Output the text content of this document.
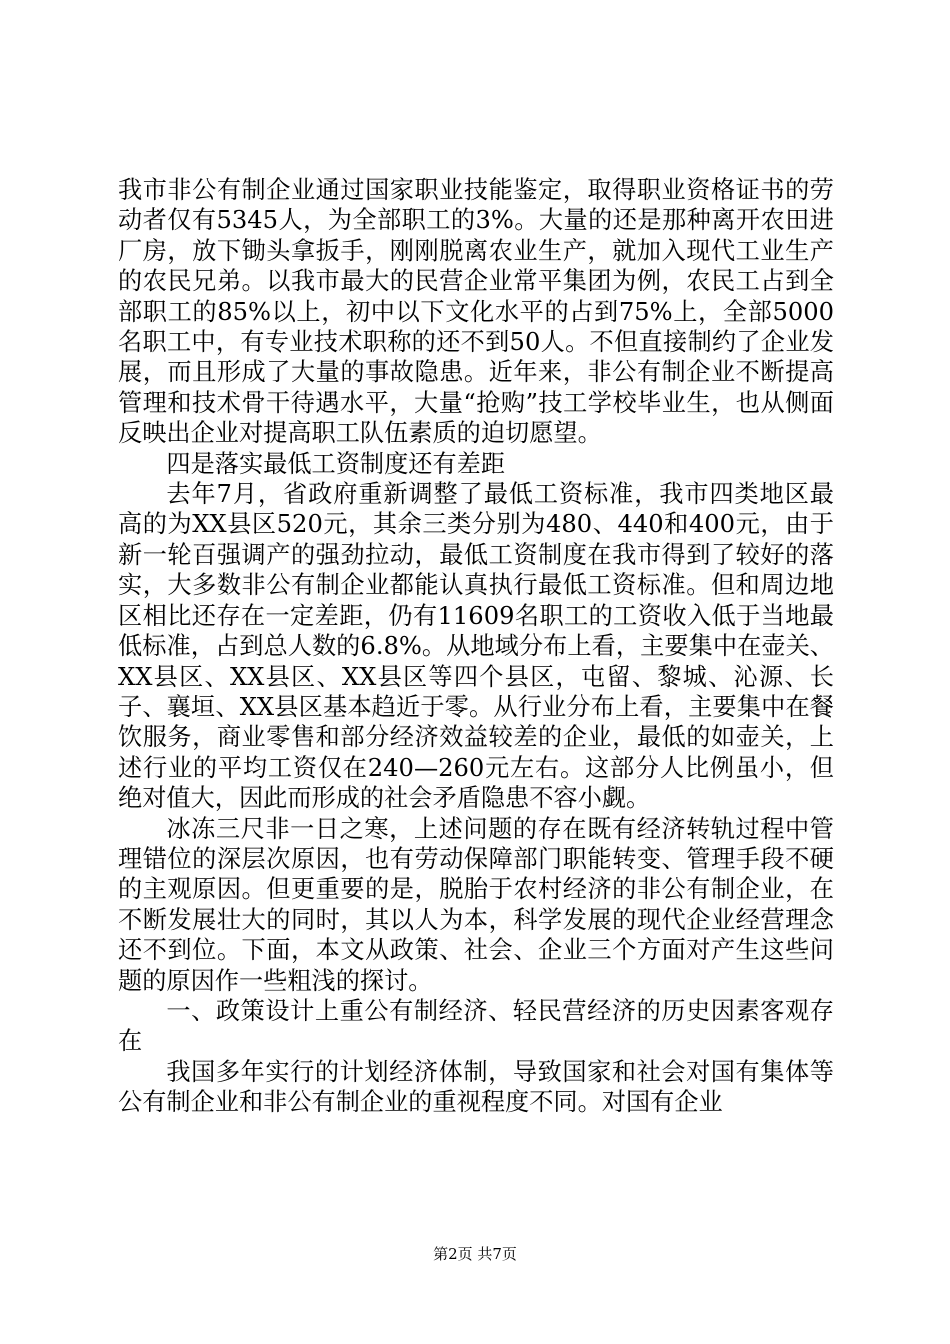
我市非公有制企业通过国家职业技能鉴定，取得职业资格证书的劳动者仅有5345人，为全部职工的3%。大量的还是那种离开农田进厂房，放下锄头拿扳手，刚刚脱离农业生产，就加入现代工业生产的农民兄弟。以我市最大的民营企业常平集团为例，农民工占到全部职工的85%以上，初中以下文化水平的占到75%上，全部5000名职工中，有专业技术职称的还不到50人。不但直接制约了企业发展，而且形成了大量的事故隐患。近年来，非公有制企业不断提高管理和技术骨干待遇水平，大量“抢购”技工学校毕业生，也从侧面反映出企业对提高职工队伍素质的迫切愿望。

四是落实最低工资制度还有差距

去年7月，省政府重新调整了最低工资标准，我市四类地区最高的为XX县区520元，其余三类分别为480、440和400元，由于新一轮百强调产的强劲拉动，最低工资制度在我市得到了较好的落实，大多数非公有制企业都能认真执行最低工资标准。但和周边地区相比还存在一定差距，仍有11609名职工的工资收入低于当地最低标准，占到总人数的6.8%。从地域分布上看，主要集中在壶关、XX县区、XX县区、XX县区等四个县区，屯留、黎城、沁源、长子、襄垣、XX县区基本趋近于零。从行业分布上看，主要集中在餐饮服务，商业零售和部分经济效益较差的企业，最低的如壶关，上述行业的平均工资仅在240—260元左右。这部分人比例虽小，但绝对值大，因此而形成的社会矛盾隐患不容小觑。

冰冻三尺非一日之寒，上述问题的存在既有经济转轨过程中管理错位的深层次原因，也有劳动保障部门职能转变、管理手段不硬的主观原因。但更重要的是，脱胎于农村经济的非公有制企业，在不断发展壮大的同时，其以人为本，科学发展的现代企业经营理念还不到位。下面，本文从政策、社会、企业三个方面对产生这些问题的原因作一些粗浅的探讨。

一、政策设计上重公有制经济、轻民营经济的历史因素客观存在

我国多年实行的计划经济体制，导致国家和社会对国有集体等公有制企业和非公有制企业的重视程度不同。对国有企业

第2页 共7页
